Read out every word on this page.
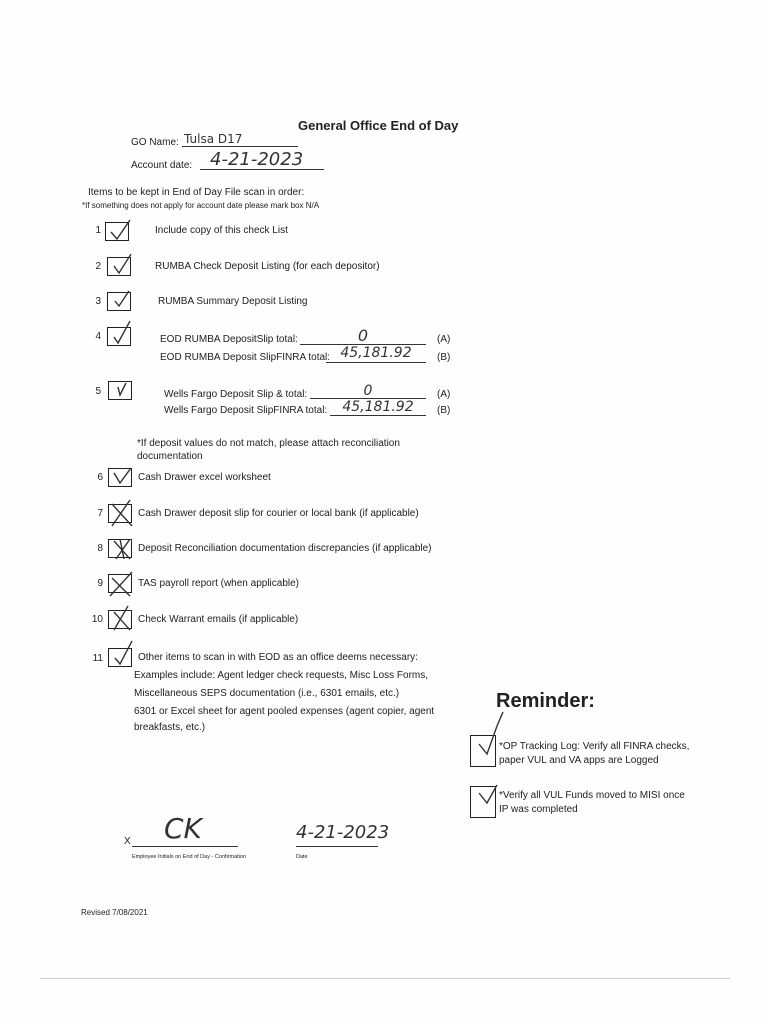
General Office End of Day
GO Name: Tulsa D17
Account date: 4-21-2023
Items to be kept in End of Day File scan in order:
*If something does not apply for account date please mark box N/A
1	Include copy of this check List
2	RUMBA Check Deposit Listing (for each depositor)
3	RUMBA Summary Deposit Listing
4	EOD RUMBA DepositSlip total:	0	(A)
EOD RUMBA Deposit SlipFINRA total: 45,181.92	(B)
5	Wells Fargo Deposit Slip & total:	0	(A)
Wells Fargo Deposit SlipFINRA total:	45,181.92	(B)
*If deposit values do not match, please attach reconciliation
documentation
6	Cash Drawer excel worksheet
7	Cash Drawer deposit slip for courier or local bank (if applicable)
8	Deposit Reconciliation documentation discrepancies (if applicable)
9	TAS payroll report (when applicable)
10	Check Warrant emails (if applicable)
11	Other items to scan in with EOD as an office deems necessary:
Examples include: Agent ledger check requests, Misc Loss Forms,
Miscellaneous SEPS documentation (i.e., 6301 emails, etc.)
6301 or Excel sheet for agent pooled expenses (agent copier, agent
breakfasts, etc.)
Reminder:
*OP Tracking Log: Verify all FINRA checks,
paper VUL and VA apps are Logged
*Verify all VUL Funds moved to MISI once
IP was completed
X CK
Employee Initials on End of Day - Confirmation
4-21-2023
Date
Revised 7/08/2021
